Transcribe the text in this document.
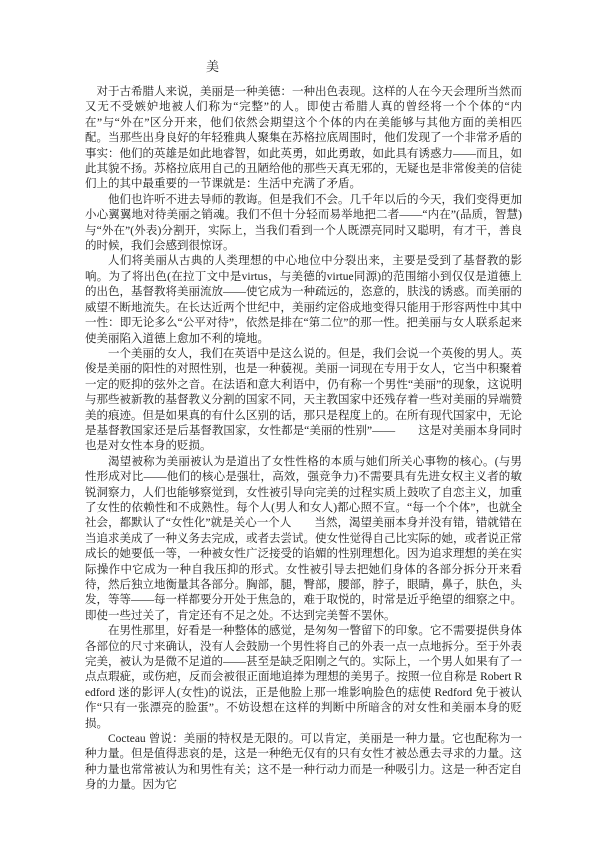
美

对于古希腊人来说，美丽是一种美德：一种出色表现。这样的人在今天会理所当然而又无不受嫉妒地被人们称为“完整”的人。即使古希腊人真的曾经将一个个体的“内在”与“外在”区分开来，他们依然会期望这个个体的内在美能够与其他方面的美相匹配。当那些出身良好的年轻雅典人聚集在苏格拉底周围时，他们发现了一个非常矛盾的事实：他们的英雄是如此地睿智，如此英勇，如此勇敢，如此具有诱惑力——而且，如此其貌不扬。苏格拉底用自己的丑陋给他的那些天真无邪的，无疑也是非常俊美的信徒们上的其中最重要的一节课就是：生活中充满了矛盾。

他们也许听不进去导师的教诲。但是我们不会。几千年以后的今天，我们变得更加小心翼翼地对待美丽之销魂。我们不但十分轻而易举地把二者——“内在”(品质，智慧)与“外在”(外表)分割开，实际上，当我们看到一个人既漂亮同时又聪明，有才干，善良的时候，我们会感到很惊讶。

人们将美丽从古典的人类理想的中心地位中分裂出来，主要是受到了基督教的影响。为了将出色(在拉丁文中是virtus，与美德的virtue同源)的范围缩小到仅仅是道德上的出色，基督教将美丽流放——使它成为一种疏远的，恣意的，肤浅的诱惑。而美丽的威望不断地流失。在长达近两个世纪中，美丽约定俗成地变得只能用于形容两性中其中一性：即无论多么“公平对待”，依然是排在“第二位”的那一性。把美丽与女人联系起来使美丽陷入道德上愈加不利的境地。

一个美丽的女人，我们在英语中是这么说的。但是，我们会说一个英俊的男人。英俊是美丽的阳性的对照性别，也是一种藐视。美丽一词现在专用于女人，它当中积聚着一定的贬抑的弦外之音。在法语和意大利语中，仍有称一个男性“美丽”的现象，这说明与那些被新教的基督教义分割的国家不同，天主教国家中还残存着一些对美丽的异端赞美的痕迹。但是如果真的有什么区别的话，那只是程度上的。在所有现代国家中，无论是基督教国家还是后基督教国家，女性都是“美丽的性别”——　　这是对美丽本身同时也是对女性本身的贬损。

渴望被称为美丽被认为是道出了女性性格的本质与她们所关心事物的核心。(与男性形成对比——他们的核心是强壮，高效，强竞争力)不需要具有先进女权主义者的敏锐洞察力，人们也能够察觉到，女性被引导向完美的过程实质上鼓吹了自恋主义，加重了女性的依赖性和不成熟性。每个人(男人和女人)都心照不宣。“每一个个体”，也就全社会，都默认了“女性化”就是关心一个人　　当然，渴望美丽本身并没有错，错就错在当追求美成了一种义务去完成，或者去尝试。使女性觉得自己比实际的她，或者说正常成长的她要低一等，一种被女性广泛接受的谄媚的性别理想化。因为追求理想的美在实际操作中它成为一种自我压抑的形式。女性被引导去把她们身体的各部分拆分开来看待，然后独立地衡量其各部分。胸部，腿，臀部，腰部，脖子，眼睛，鼻子，肤色，头发，等等——每一样都要分开处于焦急的，难于取悦的，时常是近乎绝望的细察之中。即使一些过关了，肯定还有不足之处。不达到完美誓不罢休。

在男性那里，好看是一种整体的感觉，是匆匆一瞥留下的印象。它不需要提供身体各部位的尺寸来确认，没有人会鼓励一个男性将自己的外表一点一点地拆分。至于外表完美，被认为是微不足道的——甚至是缺乏阳刚之气的。实际上，一个男人如果有了一点点瑕疵，或伤疤，反而会被很正面地追捧为理想的美男子。按照一位自称是 Robert Redford 迷的影评人(女性)的说法，正是他脸上那一堆影响脸色的痣使 Redford 免于被认作“只有一张漂亮的脸蛋”。不妨设想在这样的判断中所暗含的对女性和美丽本身的贬损。

Cocteau 曾说：美丽的特权是无限的。可以肯定，美丽是一种力量。它也配称为一种力量。但是值得悲哀的是，这是一种绝无仅有的只有女性才被怂恿去寻求的力量。这种力量也常常被认为和男性有关；这不是一种行动力而是一种吸引力。这是一种否定自身的力量。因为它
